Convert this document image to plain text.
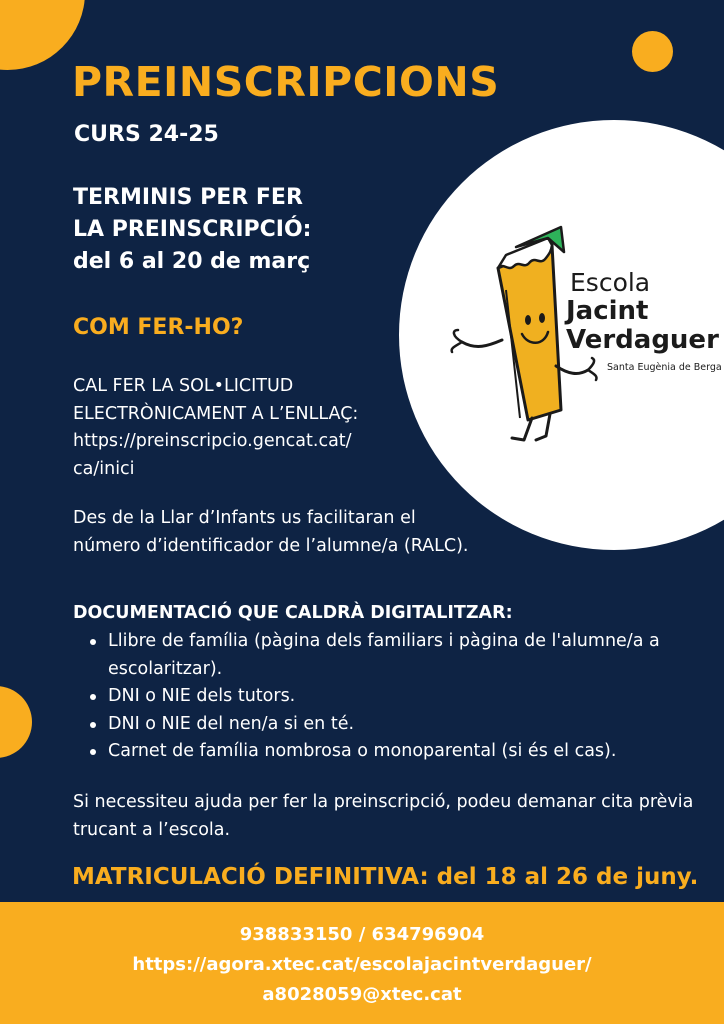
PREINSCRIPCIONS
CURS 24-25
TERMINIS PER FER
LA PREINSCRIPCIÓ:
del 6 al 20 de març
COM FER-HO?
CAL FER LA SOL•LICITUD
ELECTRÒNICAMENT A L’ENLLAÇ:
https://preinscripcio.gencat.cat/
ca/inici
Des de la Llar d’Infants us facilitaran el número d’identificador de l’alumne/a (RALC).
DOCUMENTACIÓ QUE CALDRÀ DIGITALITZAR:
Llibre de família (pàgina dels familiars i pàgina de l'alumne/a a escolaritzar).
DNI o NIE dels tutors.
DNI o NIE del nen/a si en té.
Carnet de família nombrosa o monoparental (si és el cas).
Si necessiteu ajuda per fer la preinscripció, podeu demanar cita prèvia trucant a l’escola.
MATRICULACIÓ DEFINITIVA: del 18 al 26 de juny.
938833150 / 634796904
https://agora.xtec.cat/escolajacintverdaguer/
a8028059@xtec.cat
Escola
Jacint
Verdaguer
Santa Eugènia de Berga
